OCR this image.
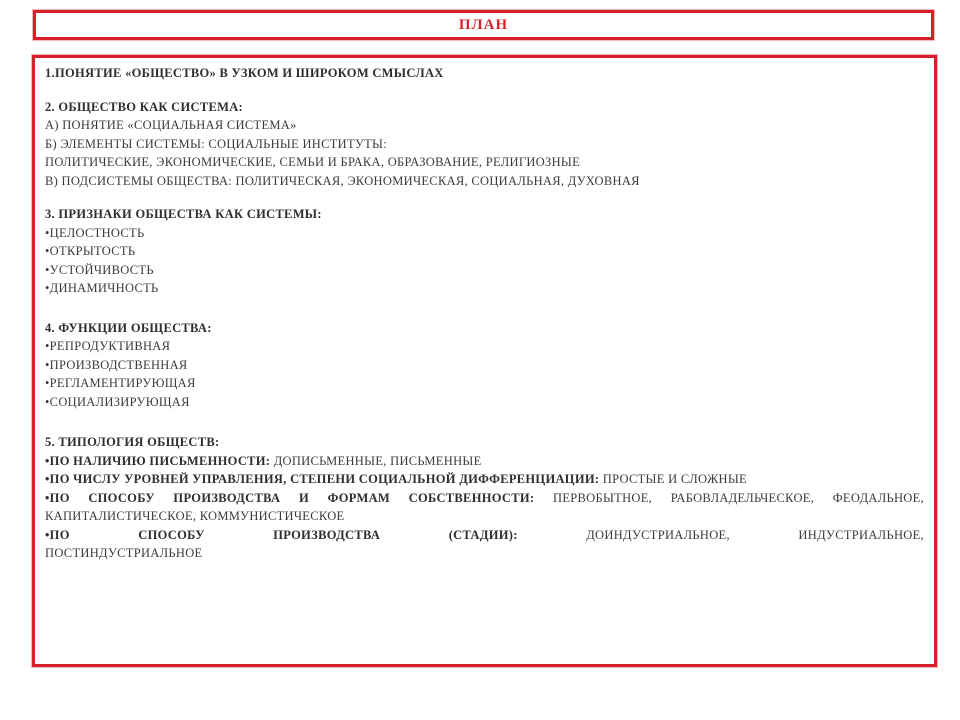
ПЛАН
1.ПОНЯТИЕ «ОБЩЕСТВО» В УЗКОМ И ШИРОКОМ СМЫСЛАХ
2. ОБЩЕСТВО КАК СИСТЕМА:
А) ПОНЯТИЕ «СОЦИАЛЬНАЯ СИСТЕМА»
Б) ЭЛЕМЕНТЫ СИСТЕМЫ: СОЦИАЛЬНЫЕ ИНСТИТУТЫ:
ПОЛИТИЧЕСКИЕ, ЭКОНОМИЧЕСКИЕ, СЕМЬИ И БРАКА, ОБРАЗОВАНИЕ, РЕЛИГИОЗНЫЕ
В) ПОДСИСТЕМЫ ОБЩЕСТВА: ПОЛИТИЧЕСКАЯ, ЭКОНОМИЧЕСКАЯ, СОЦИАЛЬНАЯ, ДУХОВНАЯ
3. ПРИЗНАКИ ОБЩЕСТВА КАК СИСТЕМЫ:
•ЦЕЛОСТНОСТЬ
•ОТКРЫТОСТЬ
•УСТОЙЧИВОСТЬ
•ДИНАМИЧНОСТЬ
4. ФУНКЦИИ ОБЩЕСТВА:
•РЕПРОДУКТИВНАЯ
•ПРОИЗВОДСТВЕННАЯ
•РЕГЛАМЕНТИРУЮЩАЯ
•СОЦИАЛИЗИРУЮЩАЯ
5. ТИПОЛОГИЯ ОБЩЕСТВ:
•ПО НАЛИЧИЮ ПИСЬМЕННОСТИ: ДОПИСЬМЕННЫЕ, ПИСЬМЕННЫЕ
•ПО ЧИСЛУ УРОВНЕЙ УПРАВЛЕНИЯ, СТЕПЕНИ СОЦИАЛЬНОЙ ДИФФЕРЕНЦИАЦИИ: ПРОСТЫЕ И СЛОЖНЫЕ
•ПО СПОСОБУ ПРОИЗВОДСТВА И ФОРМАМ СОБСТВЕННОСТИ: ПЕРВОБЫТНОЕ, РАБОВЛАДЕЛЬЧЕСКОЕ, ФЕОДАЛЬНОЕ, КАПИТАЛИСТИЧЕСКОЕ, КОММУНИСТИЧЕСКОЕ
•ПО	СПОСОБУ	ПРОИЗВОДСТВА	(СТАДИИ):	ДОИНДУСТРИАЛЬНОЕ,	ИНДУСТРИАЛЬНОЕ,
ПОСТИНДУСТРИАЛЬНОЕ
